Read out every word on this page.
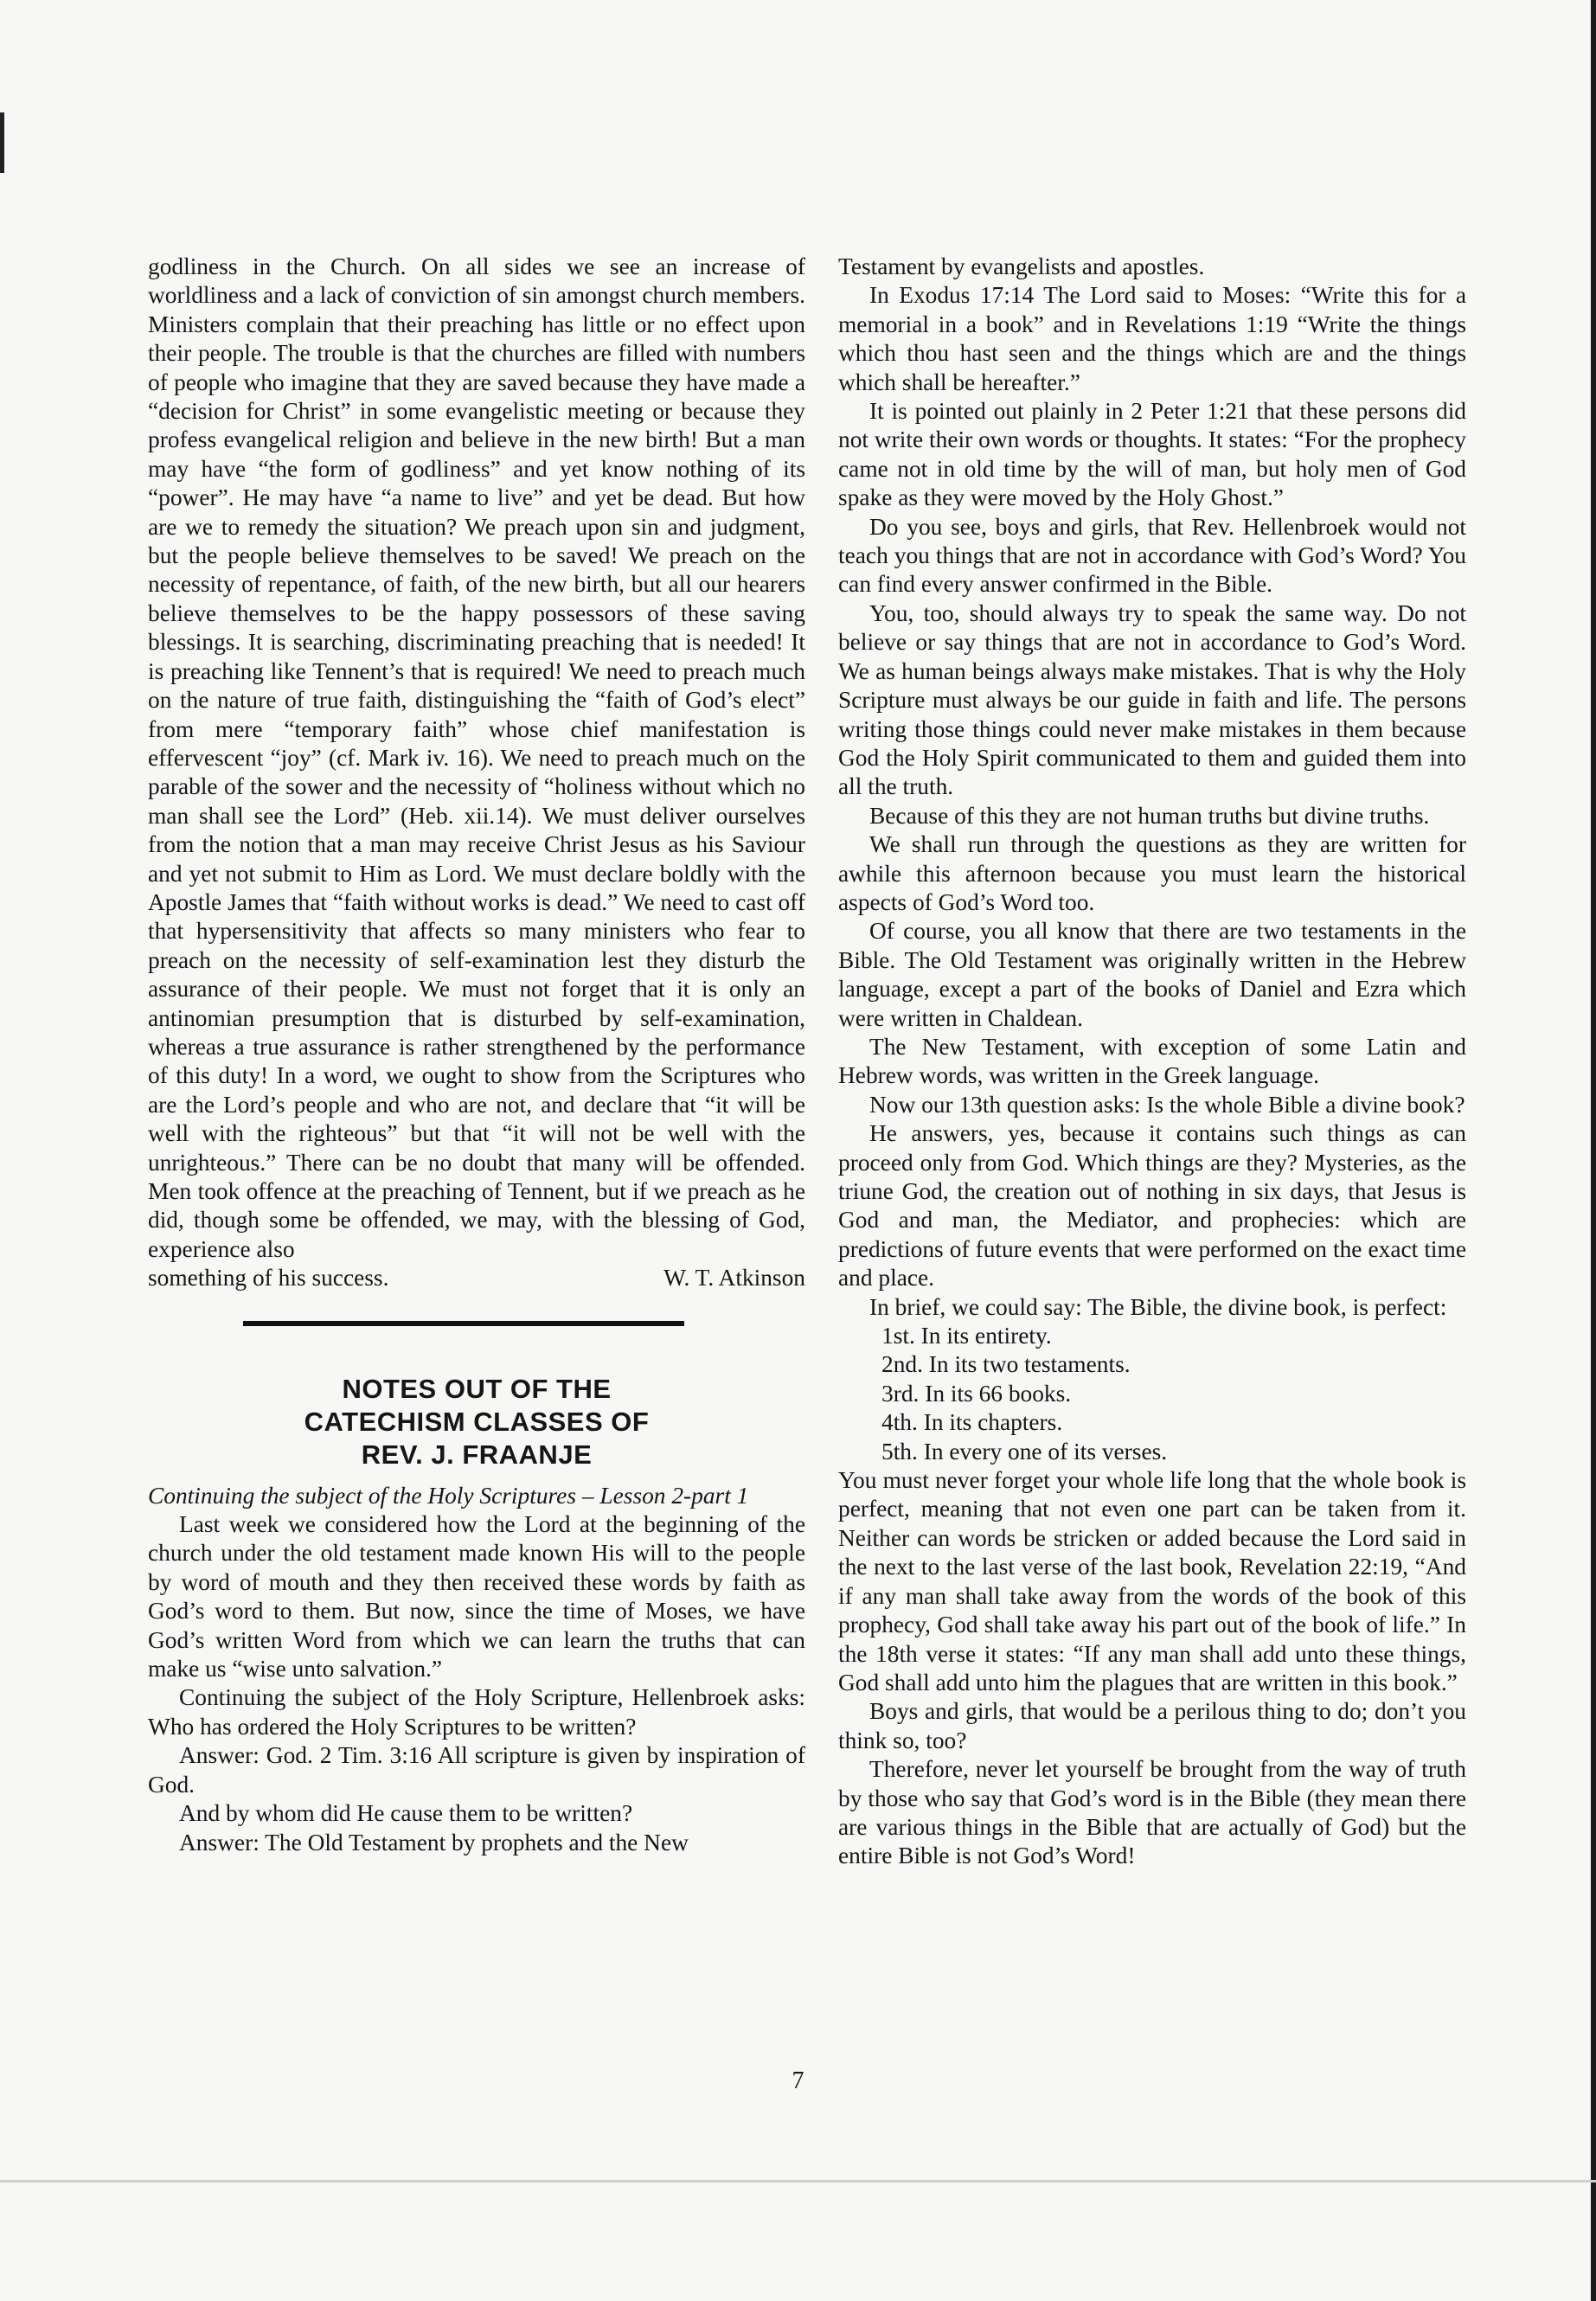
godliness in the Church. On all sides we see an increase of worldliness and a lack of conviction of sin amongst church members. Ministers complain that their preaching has little or no effect upon their people. The trouble is that the churches are filled with numbers of people who imagine that they are saved because they have made a “decision for Christ” in some evangelistic meeting or because they profess evangelical religion and believe in the new birth! But a man may have “the form of godliness” and yet know nothing of its “power”. He may have “a name to live” and yet be dead. But how are we to remedy the situation? We preach upon sin and judgment, but the people believe themselves to be saved! We preach on the necessity of repentance, of faith, of the new birth, but all our hearers believe themselves to be the happy possessors of these saving blessings. It is searching, discriminating preaching that is needed! It is preaching like Tennent’s that is required! We need to preach much on the nature of true faith, distinguishing the “faith of God’s elect” from mere “temporary faith” whose chief manifestation is effervescent “joy” (cf. Mark iv. 16). We need to preach much on the parable of the sower and the necessity of “holiness without which no man shall see the Lord” (Heb. xii.14). We must deliver ourselves from the notion that a man may receive Christ Jesus as his Saviour and yet not submit to Him as Lord. We must declare boldly with the Apostle James that “faith without works is dead.” We need to cast off that hypersensitivity that affects so many ministers who fear to preach on the necessity of self-examination lest they disturb the assurance of their people. We must not forget that it is only an antinomian presumption that is disturbed by self-examination, whereas a true assurance is rather strengthened by the performance of this duty! In a word, we ought to show from the Scriptures who are the Lord’s people and who are not, and declare that “it will be well with the righteous” but that “it will not be well with the unrighteous.” There can be no doubt that many will be offended. Men took offence at the preaching of Tennent, but if we preach as he did, though some be offended, we may, with the blessing of God, experience also

something of his success.	W. T. Atkinson
NOTES OUT OF THE
CATECHISM CLASSES OF
REV. J. FRAANJE

Continuing the subject of the Holy Scriptures – Lesson 2-part 1

Last week we considered how the Lord at the beginning of the church under the old testament made known His will to the people by word of mouth and they then received these words by faith as God’s word to them. But now, since the time of Moses, we have God’s written Word from which we can learn the truths that can make us “wise unto salvation.”

Continuing the subject of the Holy Scripture, Hellenbroek asks: Who has ordered the Holy Scriptures to be written?

Answer: God. 2 Tim. 3:16 All scripture is given by inspiration of God.

And by whom did He cause them to be written?

Answer: The Old Testament by prophets and the New

Testament by evangelists and apostles.

In Exodus 17:14 The Lord said to Moses: “Write this for a memorial in a book” and in Revelations 1:19 “Write the things which thou hast seen and the things which are and the things which shall be hereafter.”

It is pointed out plainly in 2 Peter 1:21 that these persons did not write their own words or thoughts. It states: “For the prophecy came not in old time by the will of man, but holy men of God spake as they were moved by the Holy Ghost.”

Do you see, boys and girls, that Rev. Hellenbroek would not teach you things that are not in accordance with God’s Word? You can find every answer confirmed in the Bible.

You, too, should always try to speak the same way. Do not believe or say things that are not in accordance to God’s Word. We as human beings always make mistakes. That is why the Holy Scripture must always be our guide in faith and life. The persons writing those things could never make mistakes in them because God the Holy Spirit communicated to them and guided them into all the truth.

Because of this they are not human truths but divine truths.

We shall run through the questions as they are written for awhile this afternoon because you must learn the historical aspects of God’s Word too.

Of course, you all know that there are two testaments in the Bible. The Old Testament was originally written in the Hebrew language, except a part of the books of Daniel and Ezra which were written in Chaldean.

The New Testament, with exception of some Latin and Hebrew words, was written in the Greek language.

Now our 13th question asks: Is the whole Bible a divine book?

He answers, yes, because it contains such things as can proceed only from God. Which things are they? Mysteries, as the triune God, the creation out of nothing in six days, that Jesus is God and man, the Mediator, and prophecies: which are predictions of future events that were performed on the exact time and place.

In brief, we could say: The Bible, the divine book, is perfect:

1st. In its entirety.
2nd. In its two testaments.
3rd. In its 66 books.
4th. In its chapters.
5th. In every one of its verses.

You must never forget your whole life long that the whole book is perfect, meaning that not even one part can be taken from it. Neither can words be stricken or added because the Lord said in the next to the last verse of the last book, Revelation 22:19, “And if any man shall take away from the words of the book of this prophecy, God shall take away his part out of the book of life.” In the 18th verse it states: “If any man shall add unto these things, God shall add unto him the plagues that are written in this book.”

Boys and girls, that would be a perilous thing to do; don’t you think so, too?

Therefore, never let yourself be brought from the way of truth by those who say that God’s word is in the Bible (they mean there are various things in the Bible that are actually of God) but the entire Bible is not God’s Word!

7
